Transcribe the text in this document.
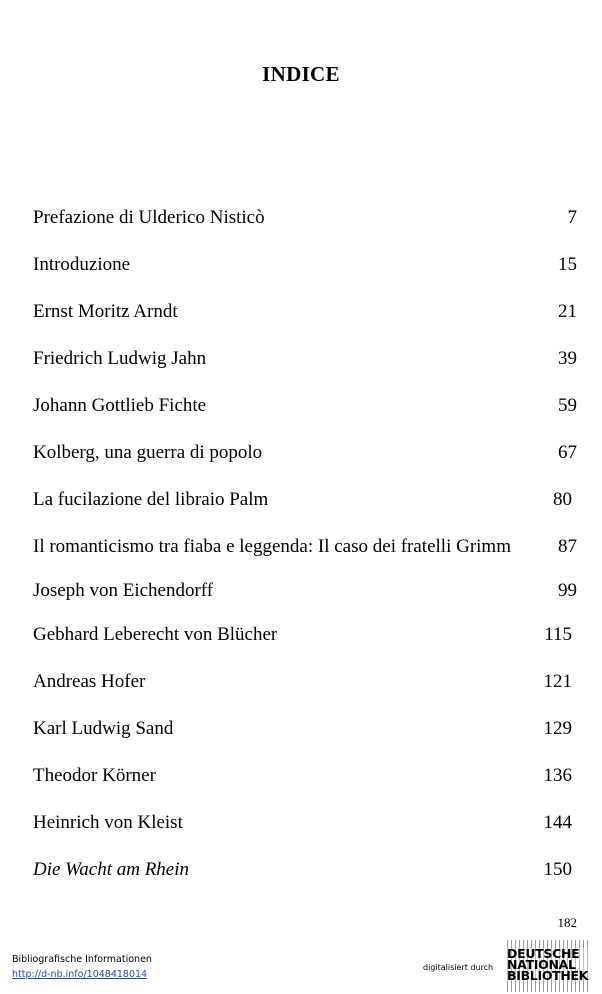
INDICE
Prefazione di Ulderico Nisticò	7
Introduzione	15
Ernst Moritz Arndt	21
Friedrich Ludwig Jahn	39
Johann Gottlieb Fichte	59
Kolberg, una guerra di popolo	67
La fucilazione del libraio Palm	80
Il romanticismo tra fiaba e leggenda: Il caso dei fratelli Grimm 87
Joseph von Eichendorff	99
Gebhard Leberecht von Blücher	115
Andreas Hofer	121
Karl Ludwig Sand	129
Theodor Körner	136
Heinrich von Kleist	144
Die Wacht am Rhein	150
182
Bibliografische Informationen
http://d-nb.info/1048418014
digitalisiert durch
DEUTSCHE
NATIONAL
BIBLIOTHEK
